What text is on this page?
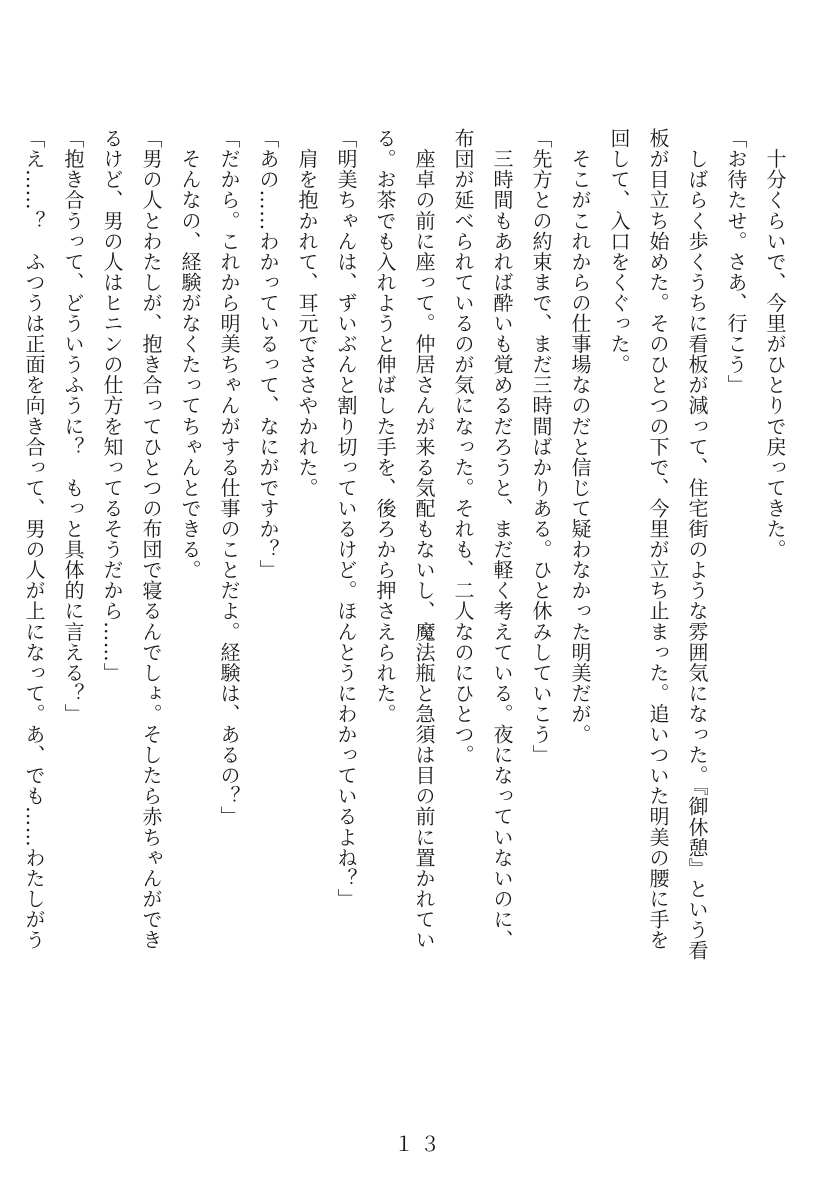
　十分くらいで、今里がひとりで戻ってきた。
「お待たせ。さあ、行こう」
　しばらく歩くうちに看板が減って、住宅街のような雰囲気になった。『御休憩』という看
板が目立ち始めた。そのひとつの下で、今里が立ち止まった。追いついた明美の腰に手を
回して、入口をくぐった。
　そこがこれからの仕事場なのだと信じて疑わなかった明美だが。
「先方との約束まで、まだ三時間ばかりある。ひと休みしていこう」
　三時間もあれば酔いも覚めるだろうと、まだ軽く考えている。夜になっていないのに、
布団が延べられているのが気になった。それも、二人なのにひとつ。
　座卓の前に座って。仲居さんが来る気配もないし、魔法瓶と急須は目の前に置かれてい
る。お茶でも入れようと伸ばした手を、後ろから押さえられた。
「明美ちゃんは、ずいぶんと割り切っているけど。ほんとうにわかっているよね？」
　肩を抱かれて、耳元でささやかれた。
「あの……わかっているって、なにがですか？」
「だから。これから明美ちゃんがする仕事のことだよ。経験は、あるの？」
　そんなの、経験がなくたってちゃんとできる。
「男の人とわたしが、抱き合ってひとつの布団で寝るんでしょ。そしたら赤ちゃんができ
るけど、男の人はヒニンの仕方を知ってるそうだから……」
「抱き合うって、どういうふうに？　もっと具体的に言える？」
「え……？　ふつうは正面を向き合って、男の人が上になって。あ、でも……わたしがう
１３
